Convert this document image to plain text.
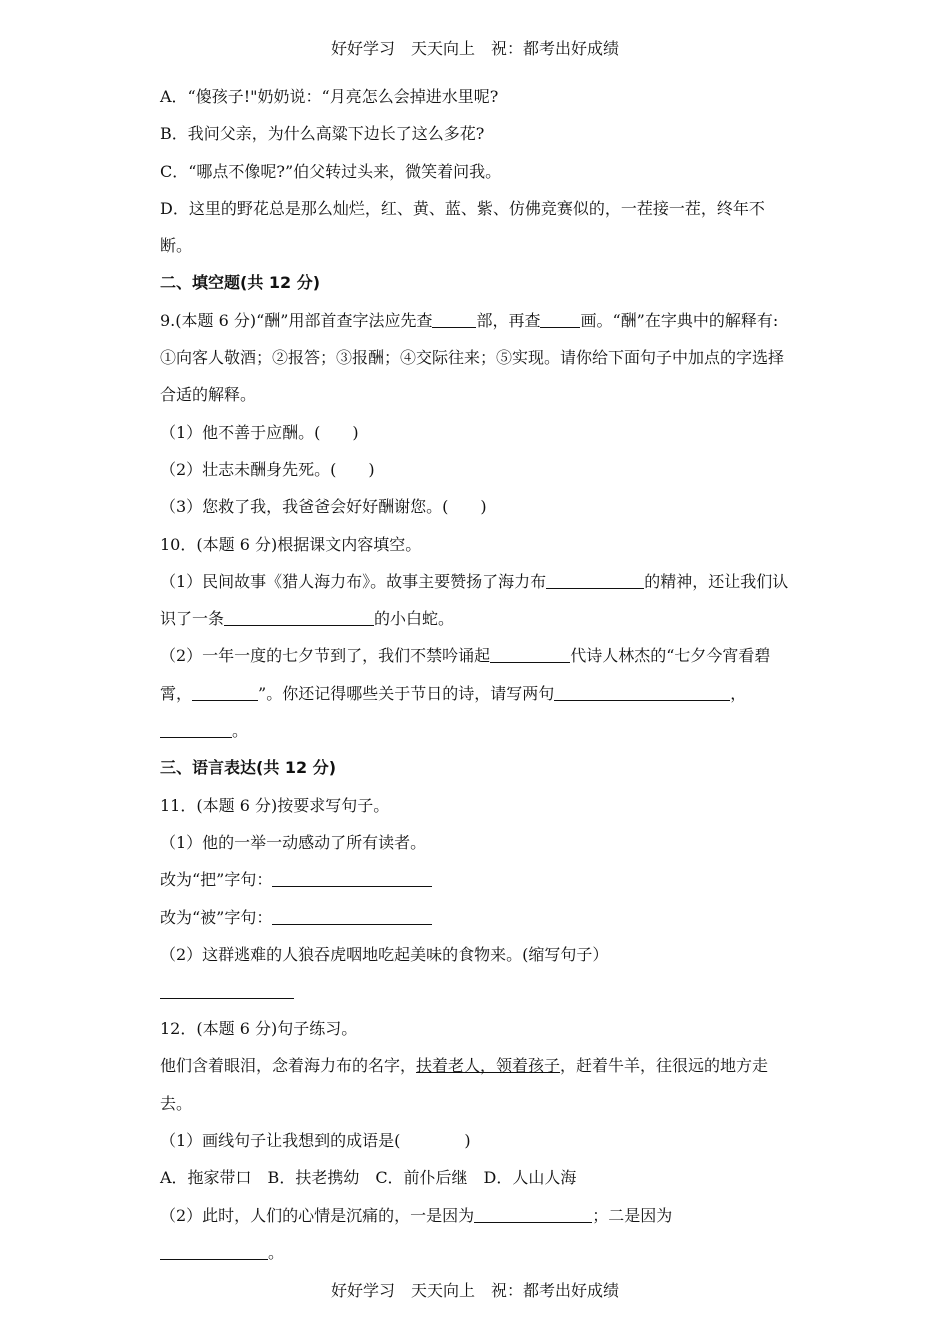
好好学习　天天向上　祝：都考出好成绩

A．“傻孩子!"奶奶说：“月亮怎么会掉进水里呢?

B．我问父亲，为什么高粱下边长了这么多花?

C．“哪点不像呢?”伯父转过头来，微笑着问我。

D．这里的野花总是那么灿烂，红、黄、蓝、紫、仿佛竞赛似的，一茬接一茬，终年不断。

二、填空题(共 12 分)

9.(本题 6 分)“酬”用部首查字法应先查	部，再查	画。“酬”在字典中的解释有: ①向客人敬酒；②报答；③报酬；④交际往来；⑤实现。请你给下面句子中加点的字选择合适的解释。

（1）他不善于应酬。(　　)

（2）壮志未酬身先死。(　　)

（3）您救了我，我爸爸会好好酬谢您。(　　)

10．(本题 6 分)根据课文内容填空。

（1）民间故事《猎人海力布》。故事主要赞扬了海力布	的精神，还让我们认识了一条	的小白蛇。

（2）一年一度的七夕节到了，我们不禁吟诵起	代诗人林杰的“七夕今宵看碧霄，	”。你还记得哪些关于节日的诗，请写两句	，
。

三、语言表达(共 12 分)

11．(本题 6 分)按要求写句子。

（1）他的一举一动感动了所有读者。

改为“把”字句：

改为“被”字句：

（2）这群逃难的人狼吞虎咽地吃起美味的食物来。(缩写句子）

12．(本题 6 分)句子练习。

他们含着眼泪，念着海力布的名字，扶着老人，领着孩子，赶着牛羊，往很远的地方走去。

（1）画线句子让我想到的成语是(　　　　)

A．拖家带口　B．扶老携幼　C．前仆后继　D．人山人海

（2）此时，人们的心情是沉痛的，一是因为	；二是因为
。

好好学习　天天向上　祝：都考出好成绩
